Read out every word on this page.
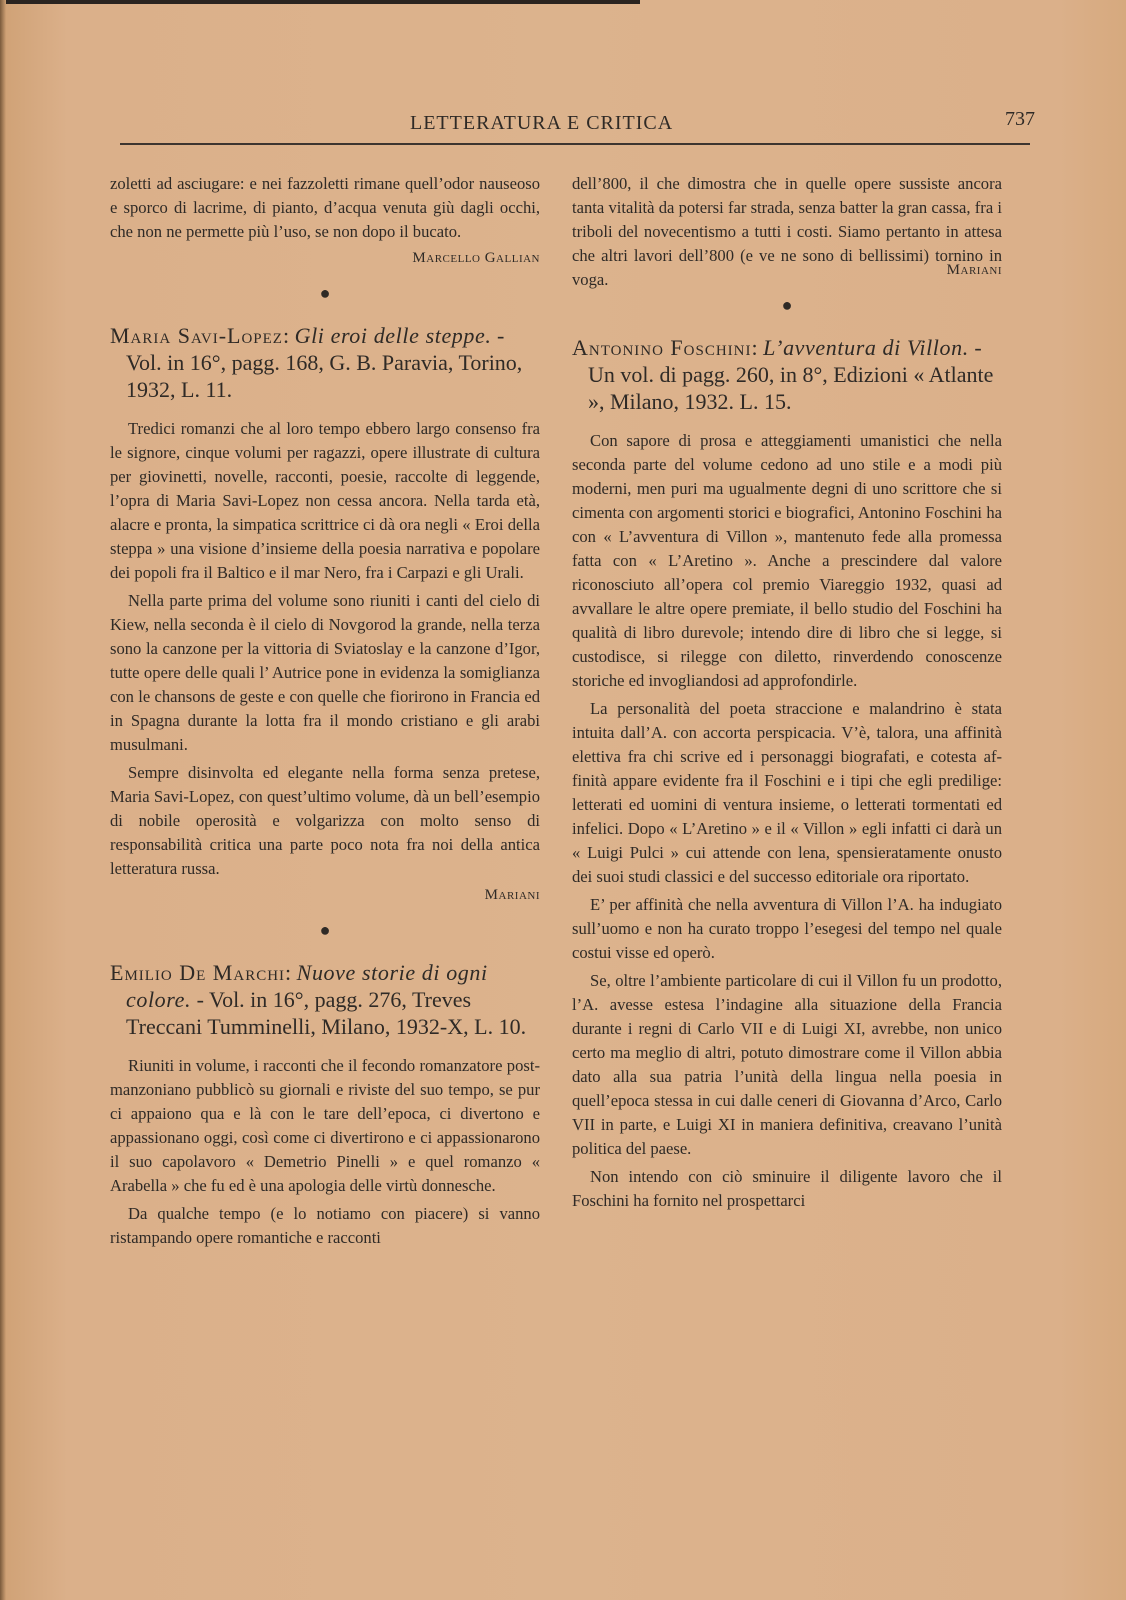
LETTERATURA E CRITICA	737

zoletti ad asciugare: e nei fazzoletti rimane quell’odor nauseoso e sporco di lacrime, di pianto, d’acqua venuta giù dagli occhi, che non ne permette più l’uso, se non dopo il bucato.

Marcello Gallian
●
Maria Savi-Lopez: Gli eroi delle steppe. - Vol. in 16°, pagg. 168, G. B. Paravia, Torino, 1932, L. 11.

Tredici romanzi che al loro tempo ebbero largo consenso fra le signore, cinque volumi per ragazzi, opere illustrate di cultura per giovinetti, novelle, racconti, poesie, raccolte di leggende, l’opra di Maria Savi-Lopez non cessa ancora. Nella tarda età, alacre e pronta, la simpatica scrittrice ci dà ora negli « Eroi della steppa » una visione d’insieme della poesia narrativa e popolare dei popoli fra il Baltico e il mar Nero, fra i Carpazi e gli Urali.

Nella parte prima del volume sono riuniti i canti del cielo di Kiew, nella seconda è il cielo di Novgorod la grande, nella terza sono la canzone per la vittoria di Sviatoslay e la canzone d’Igor, tutte opere delle quali l’ Autrice pone in evidenza la somiglianza con le chansons de geste e con quelle che fiorirono in Francia ed in Spagna durante la lotta fra il mondo cristiano e gli arabi musulmani.

Sempre disinvolta ed elegante nella forma senza pretese, Maria Savi-Lopez, con quest’ultimo volume, dà un bell’esempio di nobile operosità e volgarizza con molto senso di responsabilità critica una parte poco nota fra noi della antica letteratura russa.

Mariani
●
Emilio De Marchi: Nuove storie di ogni colore. - Vol. in 16°, pagg. 276, Treves Treccani Tumminelli, Milano, 1932-X, L. 10.

Riuniti in volume, i racconti che il fecondo romanzatore post-manzoniano pubblicò su giornali e riviste del suo tempo, se pur ci appaiono qua e là con le tare dell’epoca, ci divertono e appassionano oggi, così come ci divertirono e ci appassionarono il suo capolavoro « Demetrio Pinelli » e quel romanzo « Arabella » che fu ed è una apologia delle virtù donnesche.

Da qualche tempo (e lo notiamo con piacere) si vanno ristampando opere romantiche e racconti

dell’800, il che dimostra che in quelle opere sussiste ancora tanta vitalità da potersi far strada, senza batter la gran cassa, fra i triboli del novecentismo a tutti i costi. Siamo pertanto in attesa che altri lavori dell’800 (e ve ne sono di bellissimi) tornino in voga.	Mariani
●
Antonino Foschini: L’avventura di Villon. - Un vol. di pagg. 260, in 8°, Edizioni « Atlante », Milano, 1932. L. 15.

Con sapore di prosa e atteggiamenti umanistici che nella seconda parte del volume cedono ad uno stile e a modi più moderni, men puri ma ugualmente degni di uno scrittore che si cimenta con argomenti storici e biografici, Antonino Foschini ha con « L’avventura di Villon », mantenuto fede alla promessa fatta con « L’Aretino ». Anche a prescindere dal valore riconosciuto all’opera col premio Viareggio 1932, quasi ad avvallare le altre opere premiate, il bello studio del Foschini ha qualità di libro durevole; intendo dire di libro che si legge, si custodisce, si rilegge con diletto, rinverdendo conoscenze storiche ed invogliandosi ad approfondirle.

La personalità del poeta straccione e malandrino è stata intuita dall’A. con accorta perspicacia. V’è, talora, una affinità elettiva fra chi scrive ed i personaggi biografati, e cotesta affinità appare evidente fra il Foschini e i tipi che egli predilige: letterati ed uomini di ventura insieme, o letterati tormentati ed infelici. Dopo « L’Aretino » e il « Villon » egli infatti ci darà un « Luigi Pulci » cui attende con lena, spensieratamente onusto dei suoi studi classici e del successo editoriale ora riportato.

E’ per affinità che nella avventura di Villon l’A. ha indugiato sull’uomo e non ha curato troppo l’esegesi del tempo nel quale costui visse ed operò.

Se, oltre l’ambiente particolare di cui il Villon fu un prodotto, l’A. avesse estesa l’indagine alla situazione della Francia durante i regni di Carlo VII e di Luigi XI, avrebbe, non unico certo ma meglio di altri, potuto dimostrare come il Villon abbia dato alla sua patria l’unità della lingua nella poesia in quell’epoca stessa in cui dalle ceneri di Giovanna d’Arco, Carlo VII in parte, e Luigi XI in maniera definitiva, creavano l’unità politica del paese.

Non intendo con ciò sminuire il diligente lavoro che il Foschini ha fornito nel prospettarci
